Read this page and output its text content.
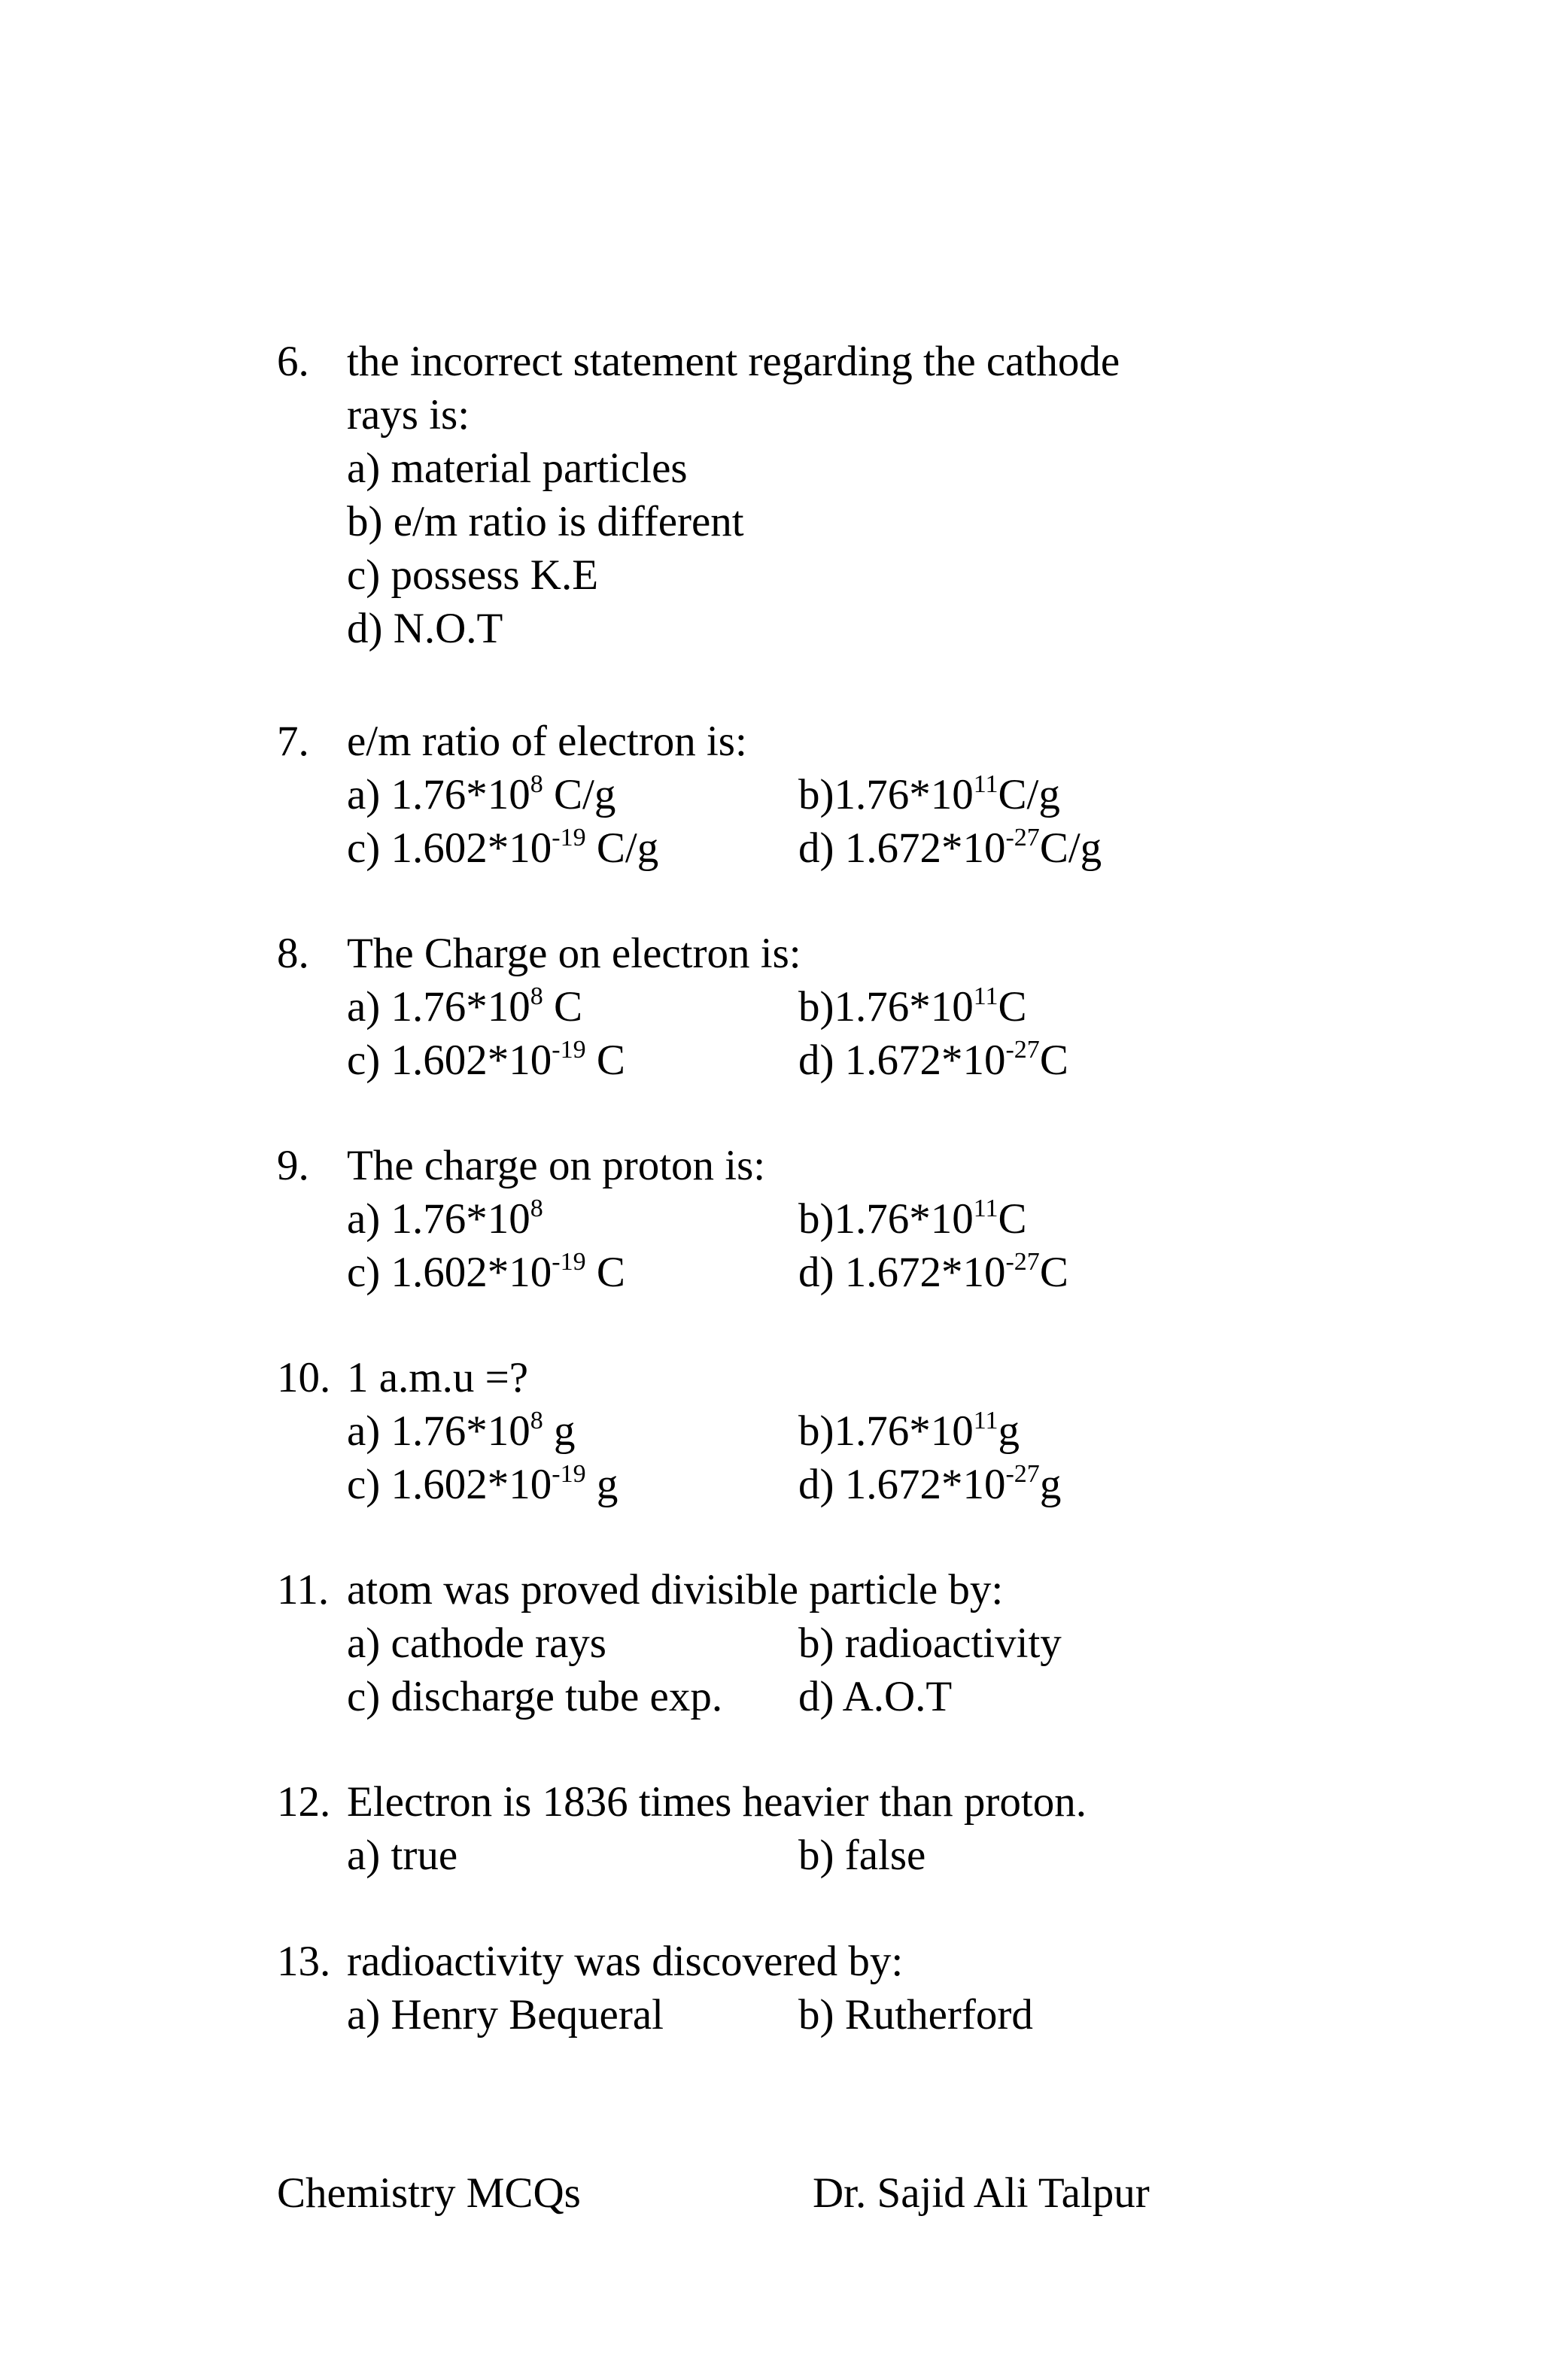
6. the incorrect statement regarding the cathode
rays is:
a) material particles
b) e/m ratio is different
c) possess K.E
d) N.O.T
7. e/m ratio of electron is:
a) $1.76*10^8$ C/g	$b)1.76*10^{11}C/g$
c) $1.602*10^{-19}$ C/g	d) $1.672*10^{-27}C/g$
8. The Charge on electron is:
a) $1.76*10^8$ C	$b)1.76*10^{11}C$
c) $1.602*10^{-19}$ C	d) $1.672*10^{-27}C$
9. The charge on proton is:
a) $1.76*10^8$	$b)1.76*10^{11}C$
c) $1.602*10^{-19}$ C	d) $1.672*10^{-27}C$
10. 1 a.m.u =?
a) $1.76*10^8$ g	$b)1.76*10^{11}g$
c) $1.602*10^{-19}$ g	d) $1.672*10^{-27}g$
11. atom was proved divisible particle by:
a) cathode rays	b) radioactivity
c) discharge tube exp. d) A.O.T
12. Electron is 1836 times heavier than proton.
a) true	b) false
13. radioactivity was discovered by:
a) Henry Bequeral	b) Rutherford
Chemistry MCQs	Dr. Sajid Ali Talpur
